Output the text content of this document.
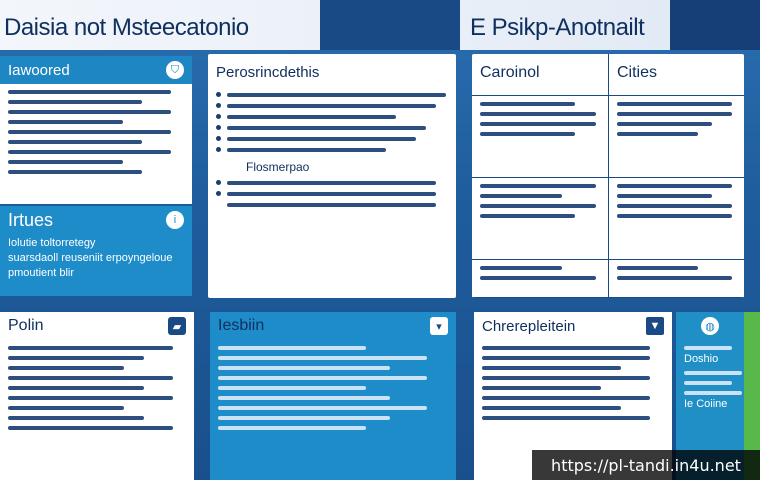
Daisia not Msteecatonio	E Psikp-Anotnailt
Iawoored	⛉
Irtues	i
Iolutie toltorretegy
suarsdaoll reuseniit erpoyngeloue
pmoutient blir
Polin	▰
Perosrincdethis
Flosmerpao
Iesbiin	▾
Caroinol	Cities
Chrerepleitein	▼	◍
Doshio
Ie Coiine
https://pl-tandi.in4u.net
